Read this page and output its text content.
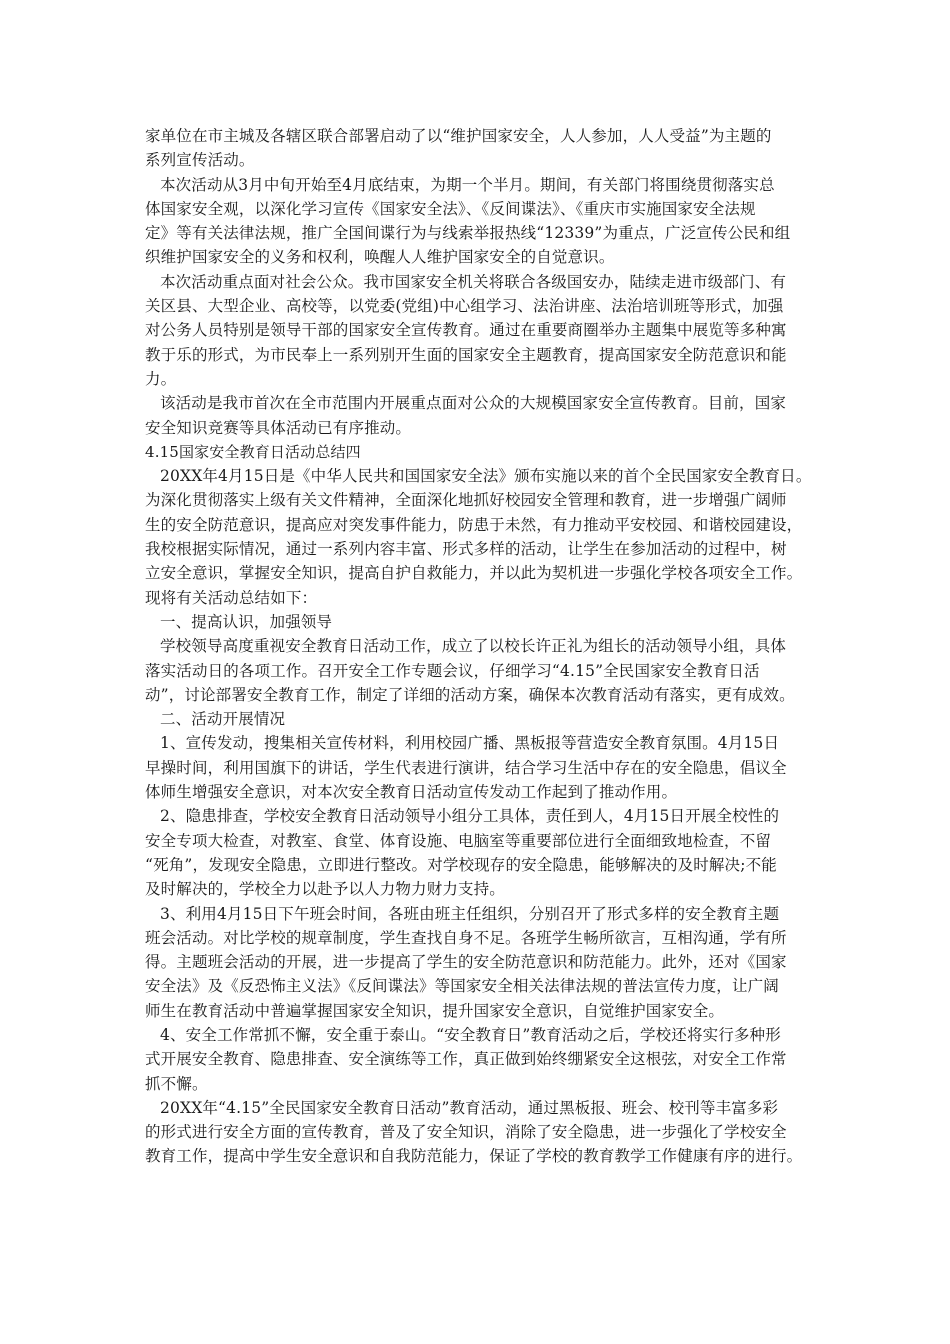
家单位在市主城及各辖区联合部署启动了以“维护国家安全，人人参加，人人受益”为主题的
系列宣传活动。
本次活动从3月中旬开始至4月底结束，为期一个半月。期间，有关部门将围绕贯彻落实总
体国家安全观，以深化学习宣传《国家安全法》、《反间谍法》、《重庆市实施国家安全法规
定》等有关法律法规，推广全国间谍行为与线索举报热线“12339”为重点，广泛宣传公民和组
织维护国家安全的义务和权利，唤醒人人维护国家安全的自觉意识。
本次活动重点面对社会公众。我市国家安全机关将联合各级国安办，陆续走进市级部门、有
关区县、大型企业、高校等，以党委(党组)中心组学习、法治讲座、法治培训班等形式，加强
对公务人员特别是领导干部的国家安全宣传教育。通过在重要商圈举办主题集中展览等多种寓
教于乐的形式，为市民奉上一系列别开生面的国家安全主题教育，提高国家安全防范意识和能
力。
该活动是我市首次在全市范围内开展重点面对公众的大规模国家安全宣传教育。目前，国家
安全知识竞赛等具体活动已有序推动。
4.15国家安全教育日活动总结四
20XX年4月15日是《中华人民共和国国家安全法》颁布实施以来的首个全民国家安全教育日。
为深化贯彻落实上级有关文件精神，全面深化地抓好校园安全管理和教育，进一步增强广阔师
生的安全防范意识，提高应对突发事件能力，防患于未然，有力推动平安校园、和谐校园建设，
我校根据实际情况，通过一系列内容丰富、形式多样的活动，让学生在参加活动的过程中，树
立安全意识，掌握安全知识，提高自护自救能力，并以此为契机进一步强化学校各项安全工作。
现将有关活动总结如下：
一、提高认识，加强领导
学校领导高度重视安全教育日活动工作，成立了以校长许正礼为组长的活动领导小组，具体
落实活动日的各项工作。召开安全工作专题会议，仔细学习“4.15”全民国家安全教育日活
动”，讨论部署安全教育工作，制定了详细的活动方案，确保本次教育活动有落实，更有成效。
二、活动开展情况
1、宣传发动，搜集相关宣传材料，利用校园广播、黑板报等营造安全教育氛围。4月15日
早操时间，利用国旗下的讲话，学生代表进行演讲，结合学习生活中存在的安全隐患，倡议全
体师生增强安全意识，对本次安全教育日活动宣传发动工作起到了推动作用。
2、隐患排查，学校安全教育日活动领导小组分工具体，责任到人，4月15日开展全校性的
安全专项大检查，对教室、食堂、体育设施、电脑室等重要部位进行全面细致地检查，不留
“死角”，发现安全隐患，立即进行整改。对学校现存的安全隐患，能够解决的及时解决;不能
及时解决的，学校全力以赴予以人力物力财力支持。
3、利用4月15日下午班会时间，各班由班主任组织，分别召开了形式多样的安全教育主题
班会活动。对比学校的规章制度，学生查找自身不足。各班学生畅所欲言，互相沟通，学有所
得。主题班会活动的开展，进一步提高了学生的安全防范意识和防范能力。此外，还对《国家
安全法》及《反恐怖主义法》《反间谍法》等国家安全相关法律法规的普法宣传力度，让广阔
师生在教育活动中普遍掌握国家安全知识，提升国家安全意识，自觉维护国家安全。
4、安全工作常抓不懈，安全重于泰山。“安全教育日”教育活动之后，学校还将实行多种形
式开展安全教育、隐患排查、安全演练等工作，真正做到始终绷紧安全这根弦，对安全工作常
抓不懈。
20XX年“4.15”全民国家安全教育日活动”教育活动，通过黑板报、班会、校刊等丰富多彩
的形式进行安全方面的宣传教育，普及了安全知识，消除了安全隐患，进一步强化了学校安全
教育工作，提高中学生安全意识和自我防范能力，保证了学校的教育教学工作健康有序的进行。
